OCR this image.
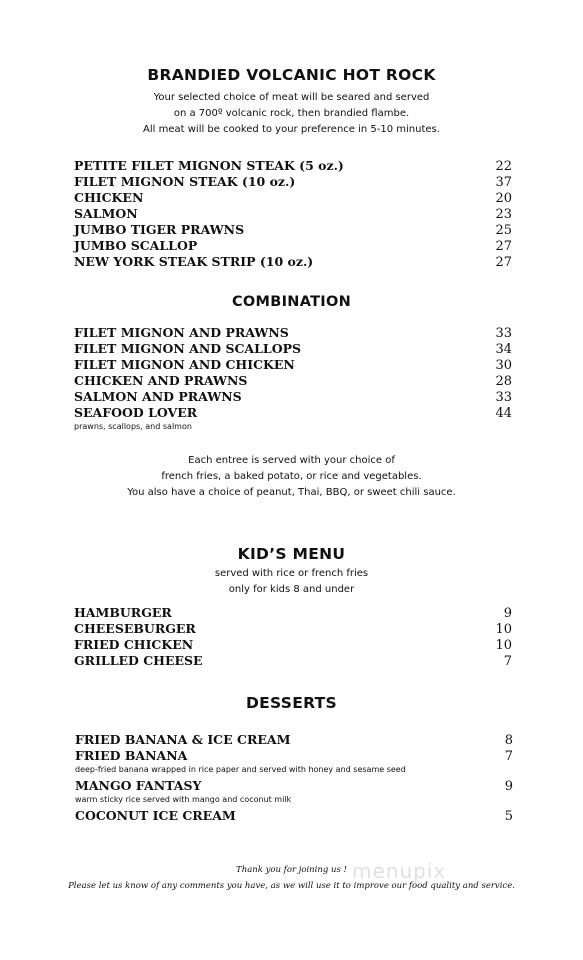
BRANDIED VOLCANIC HOT ROCK
Your selected choice of meat will be seared and served
on a 700º volcanic rock, then brandied flambe.
All meat will be cooked to your preference in 5-10 minutes.
PETITE FILET MIGNON STEAK (5 oz.)	22
FILET MIGNON STEAK (10 oz.)	37
CHICKEN	20
SALMON	23
JUMBO TIGER PRAWNS	25
JUMBO SCALLOP	27
NEW YORK STEAK STRIP (10 oz.)	27
COMBINATION
FILET MIGNON AND PRAWNS	33
FILET MIGNON AND SCALLOPS	34
FILET MIGNON AND CHICKEN	30
CHICKEN AND PRAWNS	28
SALMON AND PRAWNS	33
SEAFOOD LOVER	44
prawns, scallops, and salmon
Each entree is served with your choice of
french fries, a baked potato, or rice and vegetables.
You also have a choice of peanut, Thai, BBQ, or sweet chili sauce.
KID’S MENU
served with rice or french fries
only for kids 8 and under
HAMBURGER	9
CHEESEBURGER	10
FRIED CHICKEN	10
GRILLED CHEESE	7
DESSERTS
FRIED BANANA & ICE CREAM	8
FRIED BANANA	7
deep-fried banana wrapped in rice paper and served with honey and sesame seed
MANGO FANTASY	9
warm sticky rice served with mango and coconut milk
COCONUT ICE CREAM	5
Thank you for joining us !
Please let us know of any comments you have, as we will use it to improve our food quality and service.
menupix
